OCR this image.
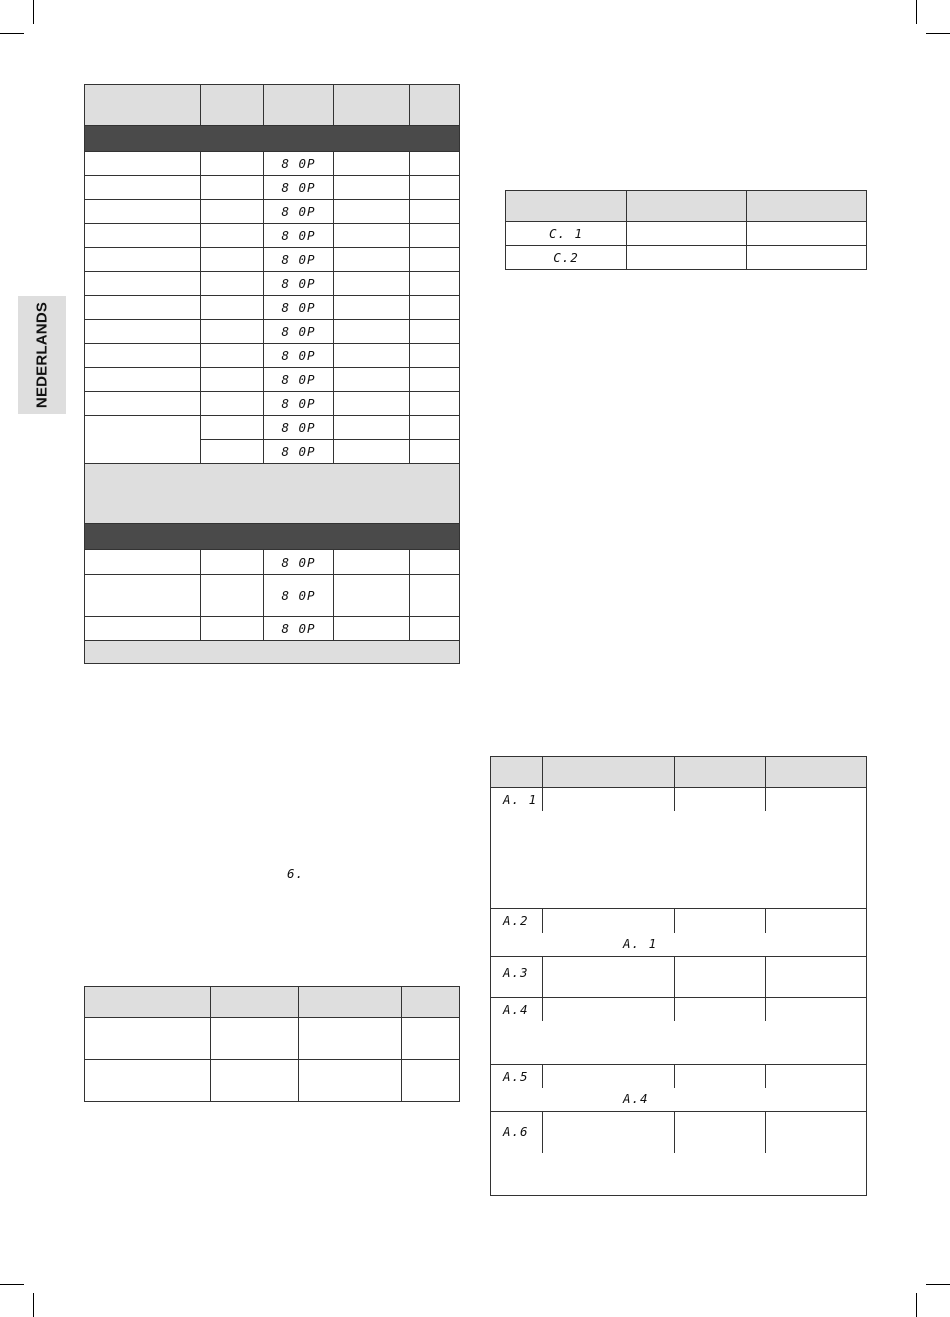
NEDERLANDS

		8 0P		
		8 0P		
		8 0P		
		8 0P		
		8 0P		
		8 0P		
		8 0P		
		8 0P		
		8 0P		
		8 0P		
		8 0P		
		8 0P		
		8 0P		

		8 0P		
		8 0P		
		8 0P		

6.

C. 1		
C.2		

A. 1			

A.2			

A. 1			

A.3			
A.4			

A.5			

A.4			

A.6			
